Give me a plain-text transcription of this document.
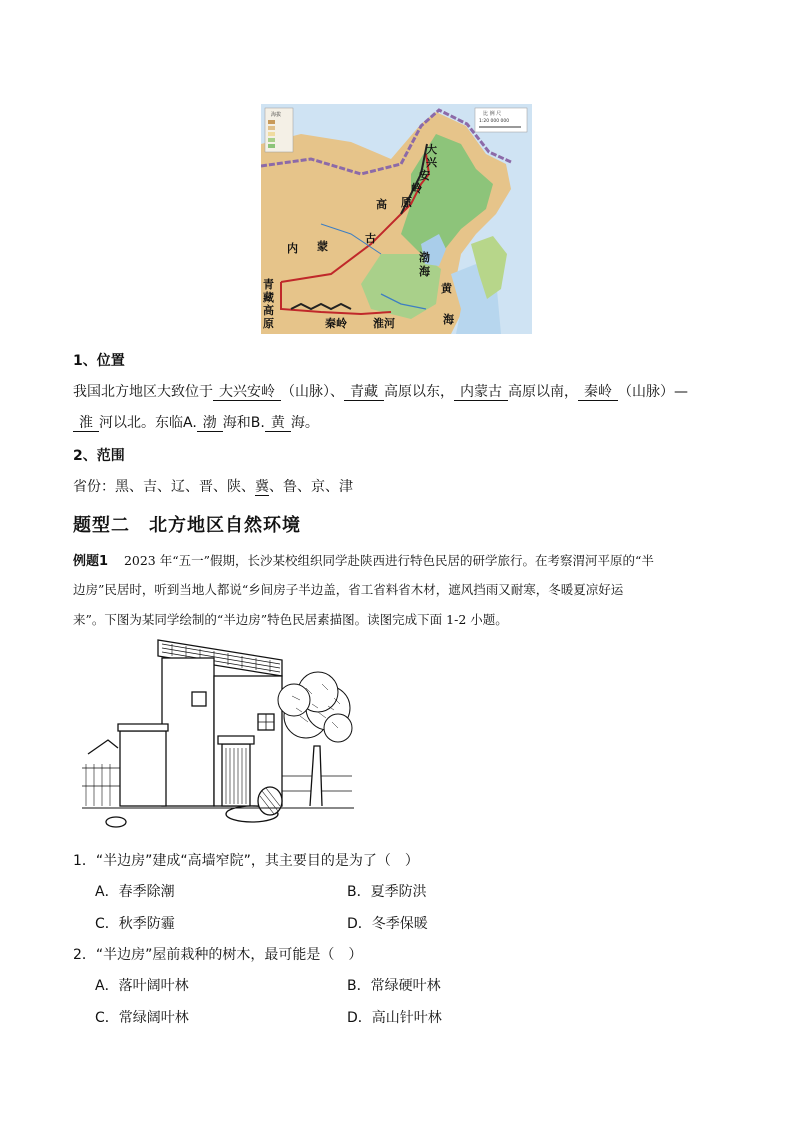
海拔	比 例 尺
1:20 000 000
大
兴
安
岭
原
高
内 蒙
古
渤
海
黄
海
青
藏
高
原	秦岭 淮河
1、位置
我国北方地区大致位于 大兴安岭 （山脉）、 青藏 高原以东， 内蒙古 高原以南， 秦岭 （山脉）—
淮 河以北。东临A. 渤 海和B. 黄 海。
2、范围
省份：黑、吉、辽、晋、陕、冀、鲁、京、津
题型二　北方地区自然环境
例题1 2023 年“五一”假期，长沙某校组织同学赴陕西进行特色民居的研学旅行。在考察渭河平原的“半
边房”民居时，听到当地人都说“乡间房子半边盖，省工省料省木材，遮风挡雨又耐寒，冬暖夏凉好运
来”。下图为某同学绘制的“半边房”特色民居素描图。读图完成下面 1-2 小题。
1．“半边房”建成“高墙窄院”，其主要目的是为了（　）
A．春季除潮	B．夏季防洪
C．秋季防霾	D．冬季保暖
2．“半边房”屋前栽种的树木，最可能是（　）
A．落叶阔叶林	B．常绿硬叶林
C．常绿阔叶林	D．高山针叶林
